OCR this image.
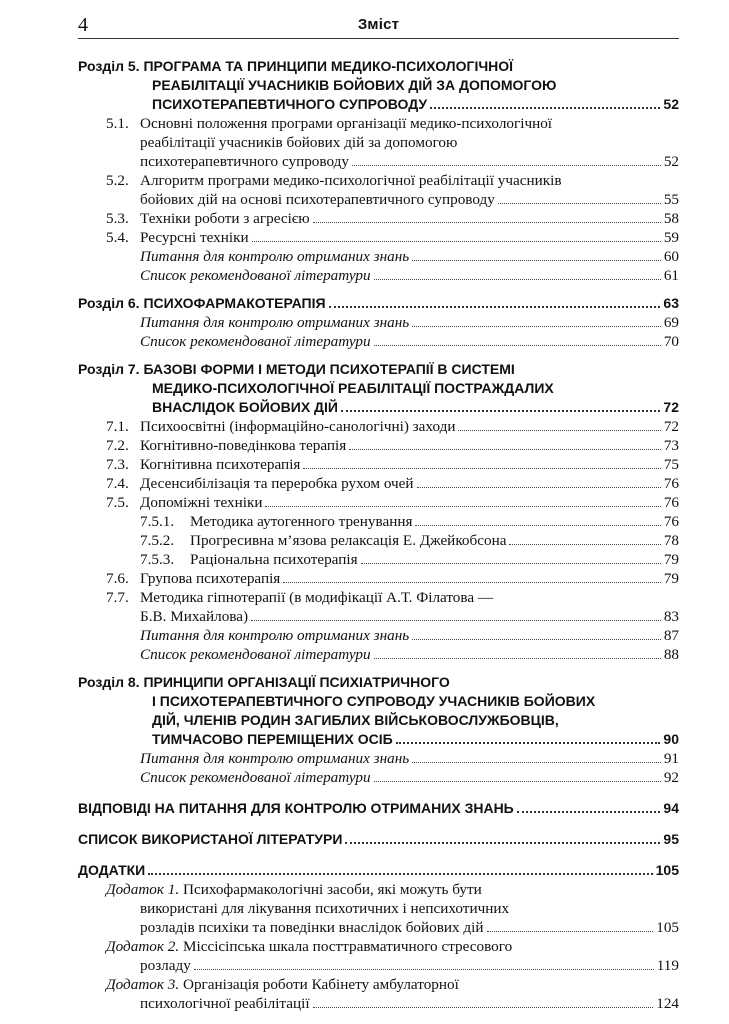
4	Зміст
Розділ 5. ПРОГРАМА ТА ПРИНЦИПИ МЕДИКО-ПСИХОЛОГІЧНОЇ
РЕАБІЛІТАЦІЇ УЧАСНИКІВ БОЙОВИХ ДІЙ ЗА ДОПОМОГОЮ
ПСИХОТЕРАПЕВТИЧНОГО СУПРОВОДУ	52
5.1. Основні положення програми організації медико-психологічної
реабілітації учасників бойових дій за допомогою
психотерапевтичного супроводу	52
5.2. Алгоритм програми медико-психологічної реабілітації учасників
бойових дій на основі психотерапевтичного супроводу	55
5.3. Техніки роботи з агресією	58
5.4. Ресурсні техніки	59
Питання для контролю отриманих знань	60
Список рекомендованої літератури	61
Розділ 6. ПСИХОФАРМАКОТЕРАПІЯ	63
Питання для контролю отриманих знань	69
Список рекомендованої літератури	70
Розділ 7. БАЗОВІ ФОРМИ І МЕТОДИ ПСИХОТЕРАПІЇ В СИСТЕМІ
МЕДИКО-ПСИХОЛОГІЧНОЇ РЕАБІЛІТАЦІЇ ПОСТРАЖДАЛИХ
ВНАСЛІДОК БОЙОВИХ ДІЙ	72
7.1. Психоосвітні (інформаційно-санологічні) заходи	72
7.2. Когнітивно-поведінкова терапія	73
7.3. Когнітивна психотерапія	75
7.4. Десенсибілізація та переробка рухом очей	76
7.5. Допоміжні техніки	76
7.5.1.	Методика аутогенного тренування	76
7.5.2.	Прогресивна м’язова релаксація Е. Джейкобсона	78
7.5.3.	Раціональна психотерапія	79
7.6. Групова психотерапія	79
7.7. Методика гіпнотерапії (в модифікації А.Т. Філатова —
Б.В. Михайлова)	83
Питання для контролю отриманих знань	87
Список рекомендованої літератури	88
Розділ 8. ПРИНЦИПИ ОРГАНІЗАЦІЇ ПСИХІАТРИЧНОГО
І ПСИХОТЕРАПЕВТИЧНОГО СУПРОВОДУ УЧАСНИКІВ БОЙОВИХ
ДІЙ, ЧЛЕНІВ РОДИН ЗАГИБЛИХ ВІЙСЬКОВОСЛУЖБОВЦІВ,
ТИМЧАСОВО ПЕРЕМІЩЕНИХ ОСІБ	90
Питання для контролю отриманих знань	91
Список рекомендованої літератури	92
ВІДПОВІДІ НА ПИТАННЯ ДЛЯ КОНТРОЛЮ ОТРИМАНИХ ЗНАНЬ	94
СПИСОК ВИКОРИСТАНОЇ ЛІТЕРАТУРИ	95
ДОДАТКИ	105
Додаток 1. Психофармакологічні засоби, які можуть бути
використані для лікування психотичних і непсихотичних
розладів психіки та поведінки внаслідок бойових дій	105
Додаток 2. Міссісіпська шкала посттравматичного стресового
розладу	119
Додаток 3. Організація роботи Кабінету амбулаторної
психологічної реабілітації	124
